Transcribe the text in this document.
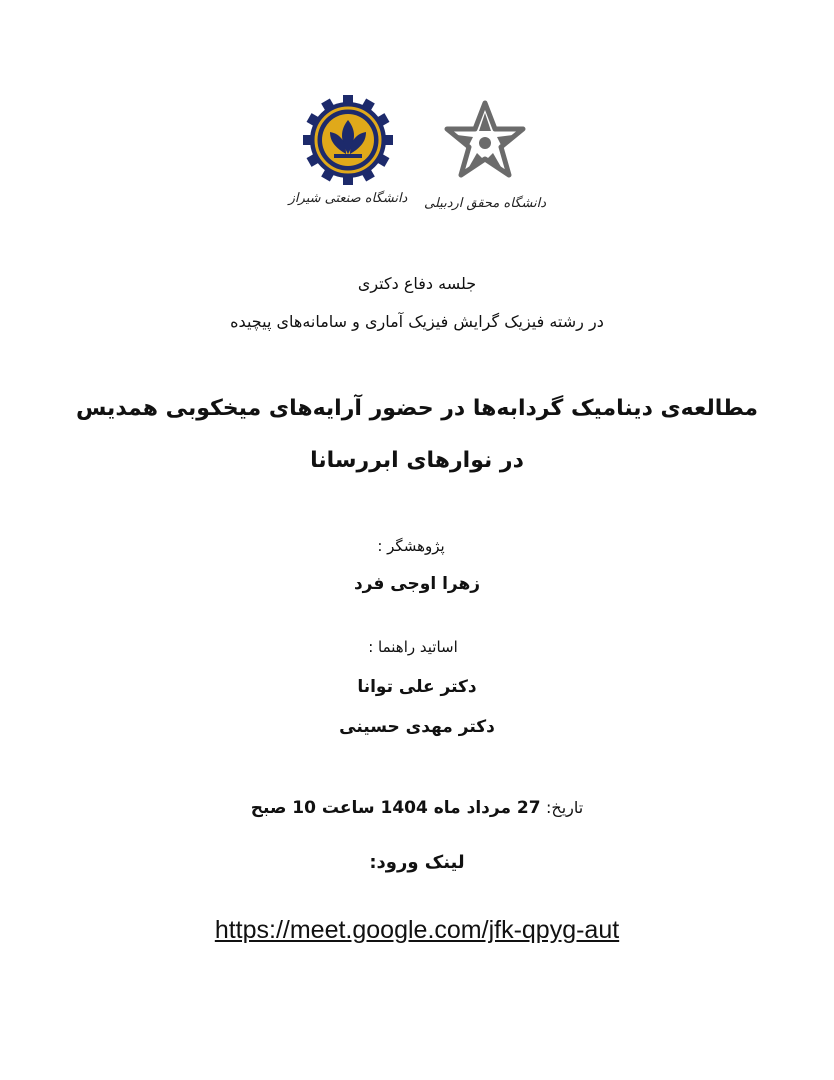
دانشگاه صنعتی شیراز	دانشگاه محقق اردبیلی
جلسه دفاع دکتری
در رشته فیزیک گرایش فیزیک آماری و سامانه‌های پیچیده
مطالعه‌ی دینامیک گردابه‌ها در حضور آرایه‌های میخکوبی همدیس
در نوارهای ابررسانا
پژوهشگر :
زهرا اوجی فرد
اساتید راهنما :
دکتر علی توانا
دکتر مهدی حسینی
تاریخ: 27 مرداد ماه 1404 ساعت 10 صبح
لینک ورود:
https://meet.google.com/jfk-qpyg-aut
